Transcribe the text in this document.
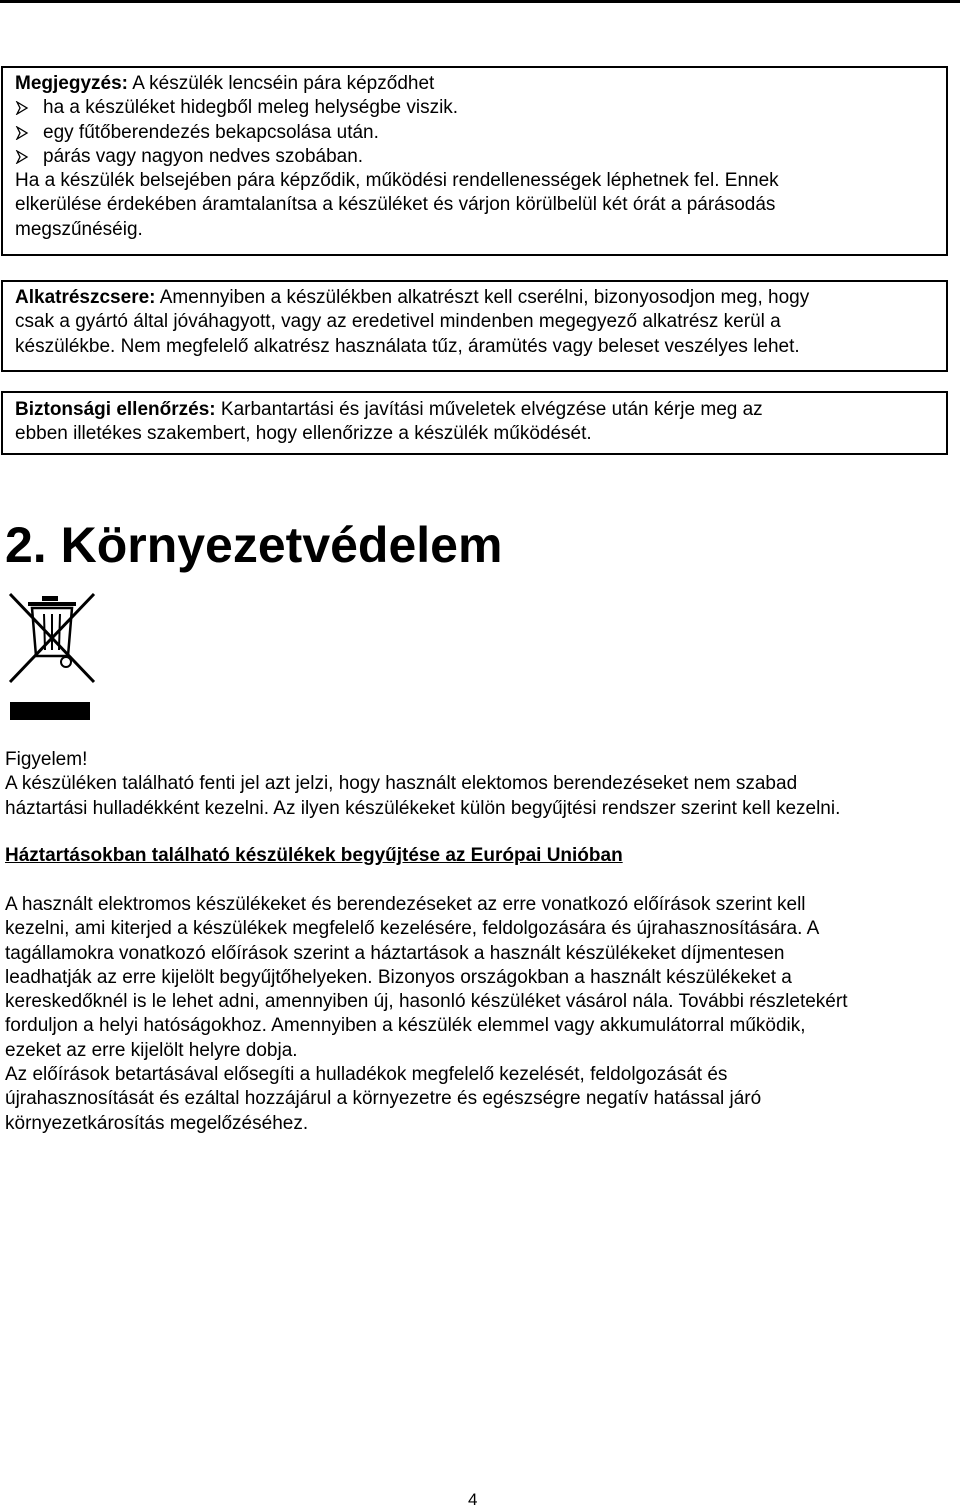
Megjegyzés: A készülék lencséin pára képződhet
ha a készüléket hidegből meleg helységbe viszik.
egy fűtőberendezés bekapcsolása után.
párás vagy nagyon nedves szobában.
Ha a készülék belsejében pára képződik, működési rendellenességek léphetnek fel. Ennek
elkerülése érdekében áramtalanítsa a készüléket és várjon körülbelül két órát a párásodás
megszűnéséig.
Alkatrészcsere: Amennyiben a készülékben alkatrészt kell cserélni, bizonyosodjon meg, hogy
csak a gyártó által jóváhagyott, vagy az eredetivel mindenben megegyező alkatrész kerül a
készülékbe. Nem megfelelő alkatrész használata tűz, áramütés vagy beleset veszélyes lehet.
Biztonsági ellenőrzés: Karbantartási és javítási műveletek elvégzése után kérje meg az
ebben illetékes szakembert, hogy ellenőrizze a készülék működését.
2. Környezetvédelem
Figyelem!
A készüléken található fenti jel azt jelzi, hogy használt elektomos berendezéseket nem szabad
háztartási hulladékként kezelni. Az ilyen készülékeket külön begyűjtési rendszer szerint kell kezelni.
Háztartásokban található készülékek begyűjtése az Európai Unióban
A használt elektromos készülékeket és berendezéseket az erre vonatkozó előírások szerint kell
kezelni, ami kiterjed a készülékek megfelelő kezelésére, feldolgozására és újrahasznosítására. A
tagállamokra vonatkozó előírások szerint a háztartások a használt készülékeket díjmentesen
leadhatják az erre kijelölt begyűjtőhelyeken. Bizonyos országokban a használt készülékeket a
kereskedőknél is le lehet adni, amennyiben új, hasonló készüléket vásárol nála. További részletekért
forduljon a helyi hatóságokhoz. Amennyiben a készülék elemmel vagy akkumulátorral működik,
ezeket az erre kijelölt helyre dobja.
Az előírások betartásával elősegíti a hulladékok megfelelő kezelését, feldolgozását és
újrahasznosítását és ezáltal hozzájárul a környezetre és egészségre negatív hatással járó
környezetkárosítás megelőzéséhez.
4
